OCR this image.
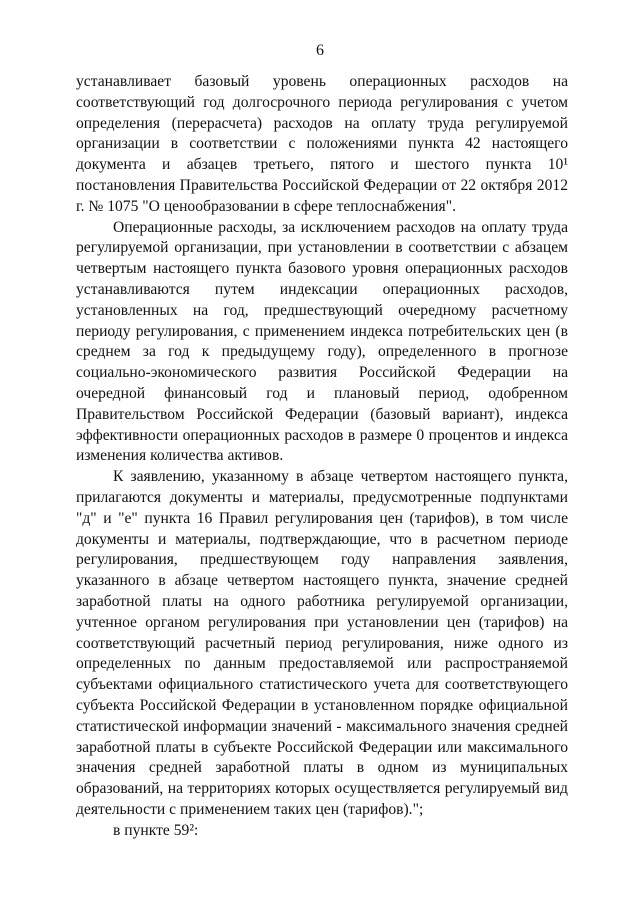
6

устанавливает базовый уровень операционных расходов на соответствующий год долгосрочного периода регулирования с учетом определения (перерасчета) расходов на оплату труда регулируемой организации в соответствии с положениями пункта 42 настоящего документа и абзацев третьего, пятого и шестого пункта 10¹ постановления Правительства Российской Федерации от 22 октября 2012 г. № 1075 "О ценообразовании в сфере теплоснабжения".

Операционные расходы, за исключением расходов на оплату труда регулируемой организации, при установлении в соответствии с абзацем четвертым настоящего пункта базового уровня операционных расходов устанавливаются путем индексации операционных расходов, установленных на год, предшествующий очередному расчетному периоду регулирования, с применением индекса потребительских цен (в среднем за год к предыдущему году), определенного в прогнозе социально-экономического развития Российской Федерации на очередной финансовый год и плановый период, одобренном Правительством Российской Федерации (базовый вариант), индекса эффективности операционных расходов в размере 0 процентов и индекса изменения количества активов.

К заявлению, указанному в абзаце четвертом настоящего пункта, прилагаются документы и материалы, предусмотренные подпунктами "д" и "е" пункта 16 Правил регулирования цен (тарифов), в том числе документы и материалы, подтверждающие, что в расчетном периоде регулирования, предшествующем году направления заявления, указанного в абзаце четвертом настоящего пункта, значение средней заработной платы на одного работника регулируемой организации, учтенное органом регулирования при установлении цен (тарифов) на соответствующий расчетный период регулирования, ниже одного из определенных по данным предоставляемой или распространяемой субъектами официального статистического учета для соответствующего субъекта Российской Федерации в установленном порядке официальной статистической информации значений - максимального значения средней заработной платы в субъекте Российской Федерации или максимального значения средней заработной платы в одном из муниципальных образований, на территориях которых осуществляется регулируемый вид деятельности с применением таких цен (тарифов).";

в пункте 59²:
